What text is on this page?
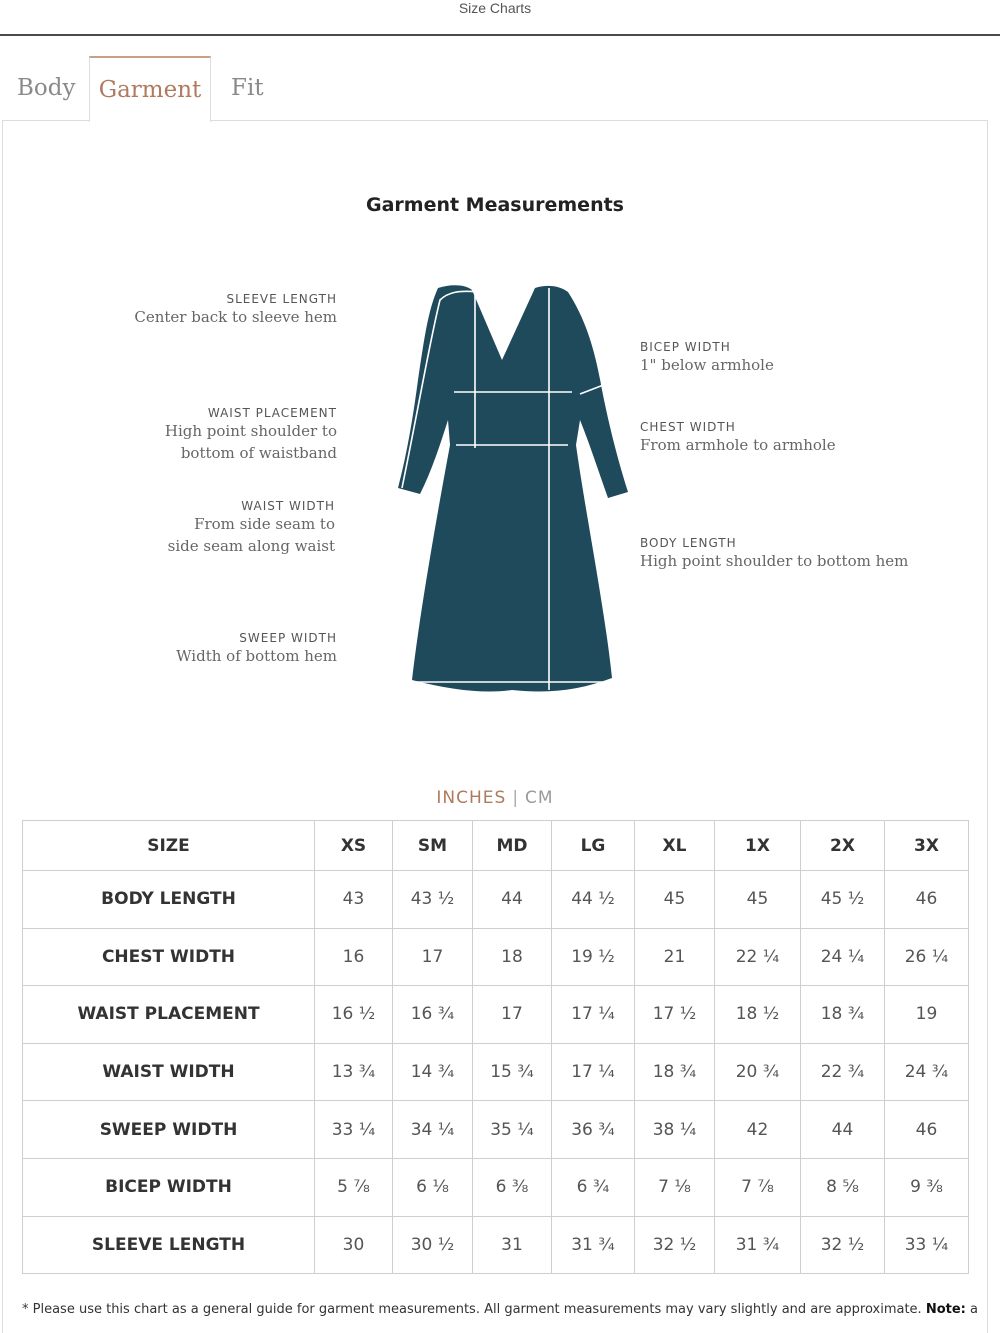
Size Charts
Body	Garment	Fit
Garment Measurements
SLEEVE LENGTH
Center back to sleeve hem
WAIST PLACEMENT
High point shoulder to
bottom of waistband
WAIST WIDTH
From side seam to
side seam along waist
SWEEP WIDTH
Width of bottom hem
BICEP WIDTH
1" below armhole
CHEST WIDTH
From armhole to armhole
BODY LENGTH
High point shoulder to bottom hem
INCHES | CM
SIZE	XS	SM	MD	LG	XL	1X	2X	3X
BODY LENGTH	43	43 ½	44	44 ½	45	45	45 ½	46
CHEST WIDTH	16	17	18	19 ½	21	22 ¼	24 ¼	26 ¼
WAIST PLACEMENT	16 ½	16 ¾	17	17 ¼	17 ½	18 ½	18 ¾	19
WAIST WIDTH	13 ¾	14 ¾	15 ¾	17 ¼	18 ¾	20 ¾	22 ¾	24 ¾
SWEEP WIDTH	33 ¼	34 ¼	35 ¼	36 ¾	38 ¼	42	44	46
BICEP WIDTH	5 ⅞	6 ⅛	6 ⅜	6 ¾	7 ⅛	7 ⅞	8 ⅝	9 ⅜
SLEEVE LENGTH	30	30 ½	31	31 ¾	32 ½	31 ¾	32 ½	33 ¼
* Please use this chart as a general guide for garment measurements. All garment measurements may vary slightly and are approximate. Note: a
